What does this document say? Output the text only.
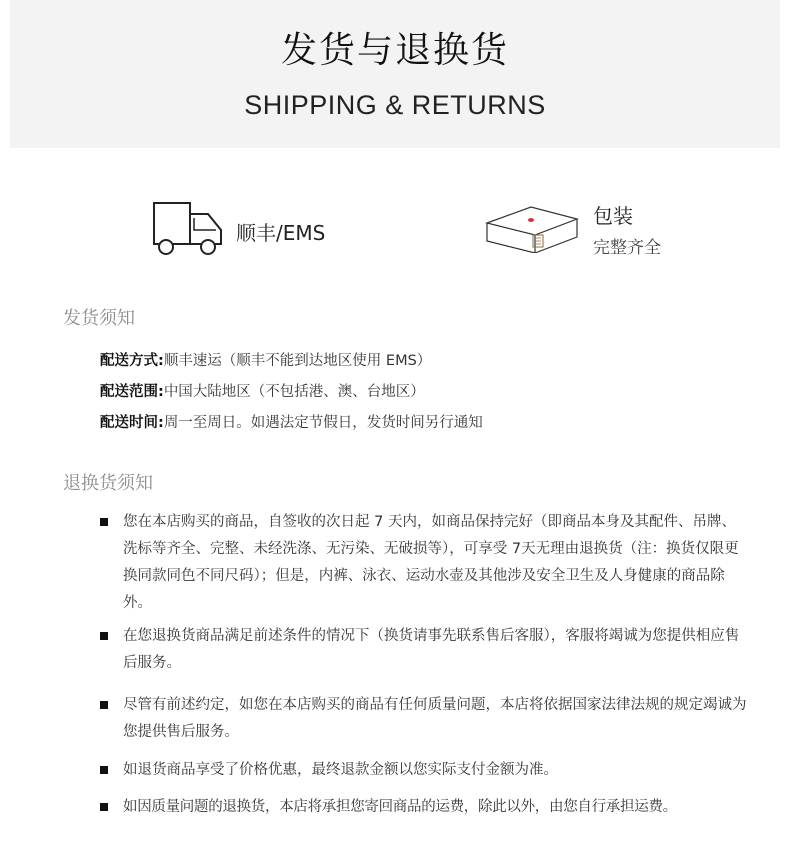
发货与退换货
SHIPPING & RETURNS
顺丰/EMS
包装
完整齐全
发货须知
配送方式:顺丰速运（顺丰不能到达地区使用 EMS）
配送范围:中国大陆地区（不包括港、澳、台地区）
配送时间:周一至周日。如遇法定节假日，发货时间另行通知
退换货须知
您在本店购买的商品，自签收的次日起 7 天内，如商品保持完好（即商品本身及其配件、吊牌、洗标等齐全、完整、未经洗涤、无污染、无破损等），可享受 7天无理由退换货（注：换货仅限更换同款同色不同尺码）；但是，内裤、泳衣、运动水壶及其他涉及安全卫生及人身健康的商品除外。
在您退换货商品满足前述条件的情况下（换货请事先联系售后客服），客服将竭诚为您提供相应售后服务。
尽管有前述约定，如您在本店购买的商品有任何质量问题，本店将依据国家法律法规的规定竭诚为您提供售后服务。
如退货商品享受了价格优惠，最终退款金额以您实际支付金额为准。
如因质量问题的退换货，本店将承担您寄回商品的运费，除此以外，由您自行承担运费。
